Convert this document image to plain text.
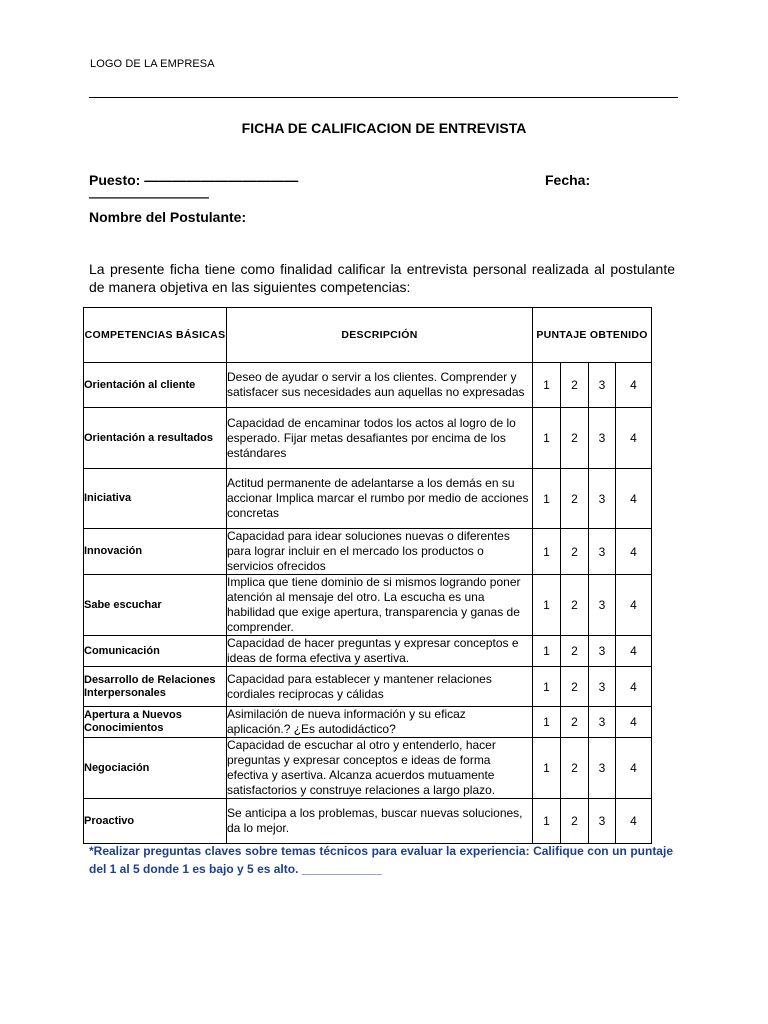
LOGO DE LA EMPRESA
FICHA DE CALIFICACION DE ENTREVISTA
Puesto: ———————————	Fecha:
——————————
Nombre del Postulante:
La presente ficha tiene como finalidad calificar la entrevista personal realizada al postulante de manera objetiva en las siguientes competencias:
COMPETENCIAS BÁSICAS	DESCRIPCIÓN	PUNTAJE OBTENIDO			
Orientación al cliente	Deseo de ayudar o servir a los clientes. Comprender y satisfacer sus necesidades aun aquellas no expresadas	1	2	3	4
Orientación a resultados	Capacidad de encaminar todos los actos al logro de lo esperado. Fijar metas desafiantes por encima de los estándares	1	2	3	4
Iniciativa	Actitud permanente de adelantarse a los demás en su accionar Implica marcar el rumbo por medio de acciones concretas	1	2	3	4
Innovación	Capacidad para idear soluciones nuevas o diferentes para lograr incluir en el mercado los productos o servicios ofrecidos	1	2	3	4
Sabe escuchar	Implica que tiene dominio de si mismos logrando poner atención al mensaje del otro. La escucha es una habilidad que exige apertura, transparencia y ganas de comprender.	1	2	3	4
Comunicación	Capacidad de hacer preguntas y expresar conceptos e ideas de forma efectiva y asertiva.	1	2	3	4
Desarrollo de Relaciones Interpersonales	Capacidad para establecer y mantener relaciones cordiales reciprocas y cálidas	1	2	3	4
Apertura a Nuevos Conocimientos	Asimilación de nueva información y su eficaz aplicación.? ¿Es autodidáctico?	1	2	3	4
Negociación	Capacidad de escuchar al otro y entenderlo, hacer preguntas y expresar conceptos e ideas de forma efectiva y asertiva. Alcanza acuerdos mutuamente satisfactorios y construye relaciones a largo plazo.	1	2	3	4
Proactivo	Se anticipa a los problemas, buscar nuevas soluciones, da lo mejor.	1	2	3	4
*Realizar preguntas claves sobre temas técnicos para evaluar la experiencia: Califique con un puntaje del 1 al 5 donde 1 es bajo y 5 es alto. ____________
